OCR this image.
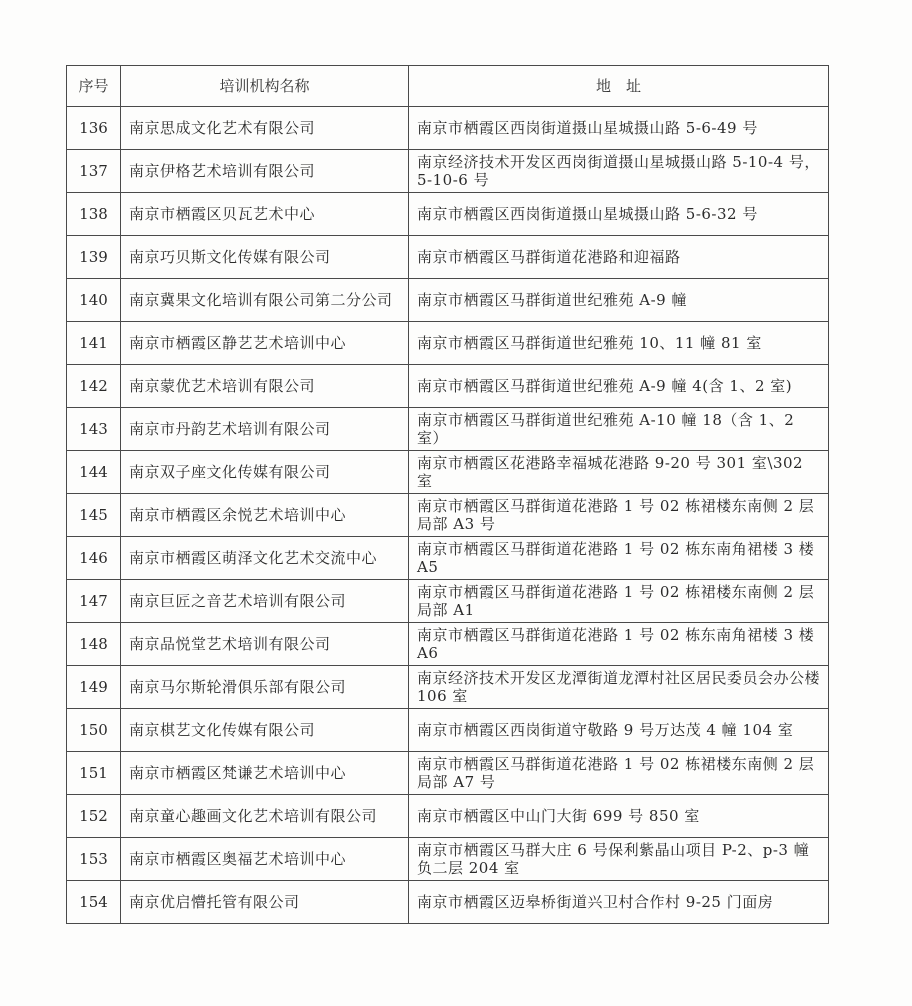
序号	培训机构名称	地　址
136	南京思成文化艺术有限公司	南京市栖霞区西岗街道摄山星城摄山路 5-6-49 号
137	南京伊格艺术培训有限公司	南京经济技术开发区西岗街道摄山星城摄山路 5-10-4 号，5-10-6 号
138	南京市栖霞区贝瓦艺术中心	南京市栖霞区西岗街道摄山星城摄山路 5-6-32 号
139	南京巧贝斯文化传媒有限公司	南京市栖霞区马群街道花港路和迎福路
140	南京冀果文化培训有限公司第二分公司	南京市栖霞区马群街道世纪雅苑 A-9 幢
141	南京市栖霞区静艺艺术培训中心	南京市栖霞区马群街道世纪雅苑 10、11 幢 81 室
142	南京蒙优艺术培训有限公司	南京市栖霞区马群街道世纪雅苑 A-9 幢 4(含 1、2 室)
143	南京市丹韵艺术培训有限公司	南京市栖霞区马群街道世纪雅苑 A-10 幢 18（含 1、2 室）
144	南京双子座文化传媒有限公司	南京市栖霞区花港路幸福城花港路 9-20 号 301 室\302 室
145	南京市栖霞区余悦艺术培训中心	南京市栖霞区马群街道花港路 1 号 02 栋裙楼东南侧 2 层局部 A3 号
146	南京市栖霞区萌泽文化艺术交流中心	南京市栖霞区马群街道花港路 1 号 02 栋东南角裙楼 3 楼 A5
147	南京巨匠之音艺术培训有限公司	南京市栖霞区马群街道花港路 1 号 02 栋裙楼东南侧 2 层局部 A1
148	南京品悦堂艺术培训有限公司	南京市栖霞区马群街道花港路 1 号 02 栋东南角裙楼 3 楼 A6
149	南京马尔斯轮滑俱乐部有限公司	南京经济技术开发区龙潭街道龙潭村社区居民委员会办公楼 106 室
150	南京棋艺文化传媒有限公司	南京市栖霞区西岗街道守敬路 9 号万达茂 4 幢 104 室
151	南京市栖霞区梵谦艺术培训中心	南京市栖霞区马群街道花港路 1 号 02 栋裙楼东南侧 2 层局部 A7 号
152	南京童心趣画文化艺术培训有限公司	南京市栖霞区中山门大街 699 号 850 室
153	南京市栖霞区奥福艺术培训中心	南京市栖霞区马群大庄 6 号保利紫晶山项目 P-2、p-3 幢负二层 204 室
154	南京优启懵托管有限公司	南京市栖霞区迈皋桥街道兴卫村合作村 9-25 门面房
